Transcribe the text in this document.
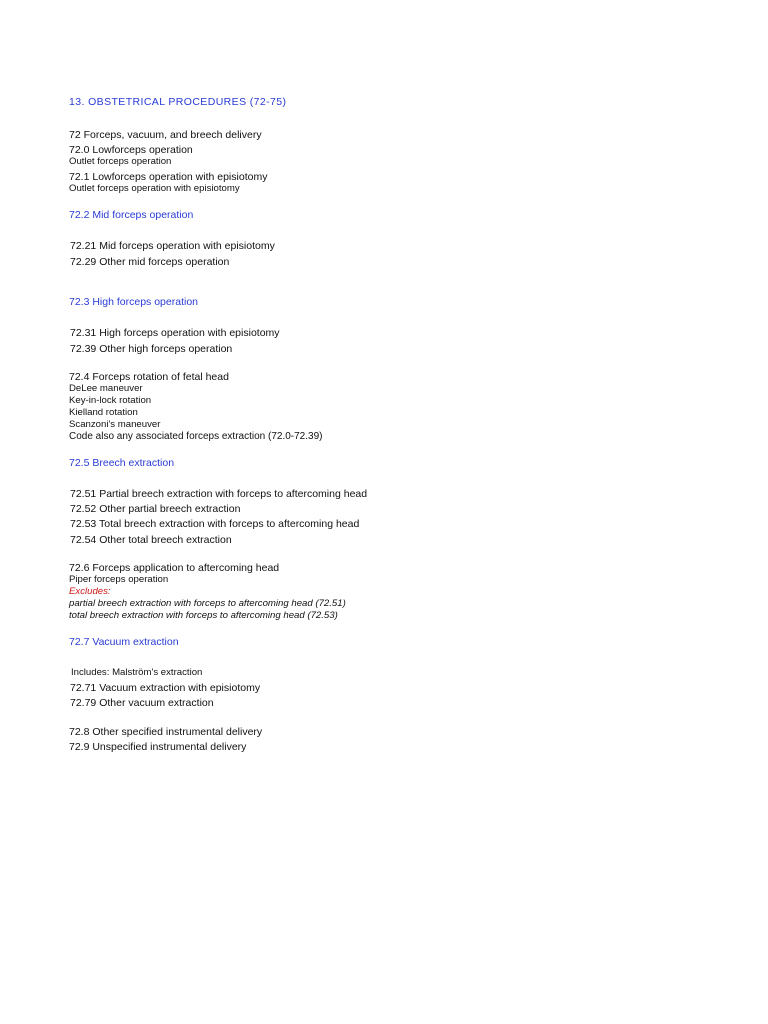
13. OBSTETRICAL PROCEDURES (72-75)
72 Forceps, vacuum, and breech delivery
72.0 Lowforceps operation
Outlet forceps operation
72.1 Lowforceps operation with episiotomy
Outlet forceps operation with episiotomy
72.2 Mid forceps operation
72.21 Mid forceps operation with episiotomy
72.29 Other mid forceps operation
72.3 High forceps operation
72.31 High forceps operation with episiotomy
72.39 Other high forceps operation
72.4 Forceps rotation of fetal head
DeLee maneuver
Key-in-lock rotation
Kielland rotation
Scanzoni's maneuver
Code also any associated forceps extraction (72.0-72.39)
72.5 Breech extraction
72.51 Partial breech extraction with forceps to aftercoming head
72.52 Other partial breech extraction
72.53 Total breech extraction with forceps to aftercoming head
72.54 Other total breech extraction
72.6 Forceps application to aftercoming head
Piper forceps operation
Excludes:
partial breech extraction with forceps to aftercoming head (72.51)
total breech extraction with forceps to aftercoming head (72.53)
72.7 Vacuum extraction
Includes: Malström's extraction
72.71 Vacuum extraction with episiotomy
72.79 Other vacuum extraction
72.8 Other specified instrumental delivery
72.9 Unspecified instrumental delivery
